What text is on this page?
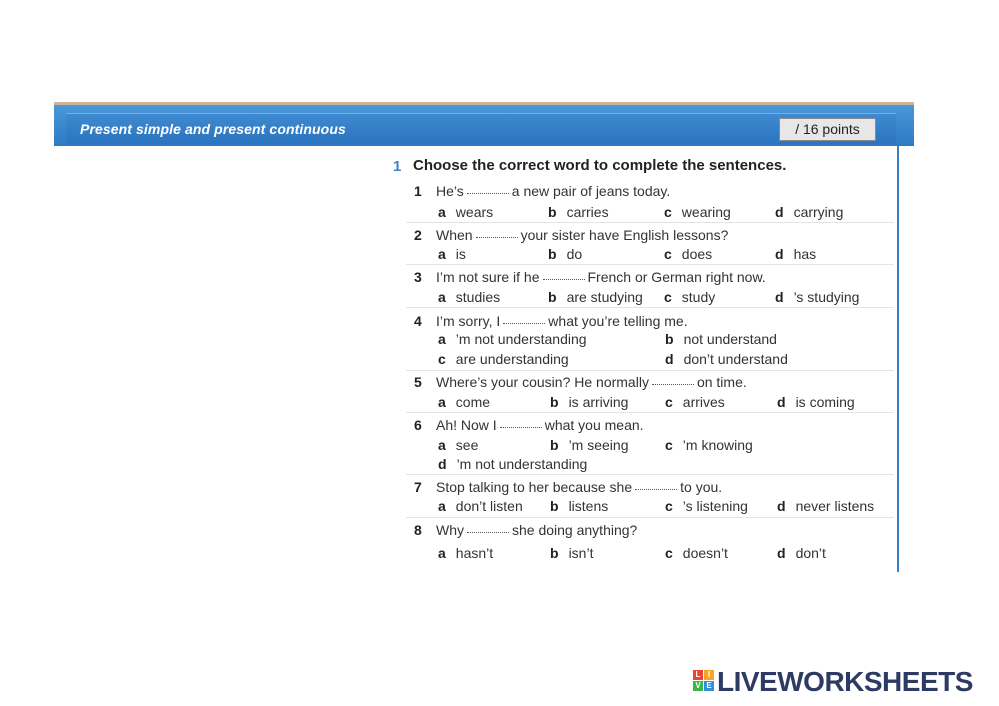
Present simple and present continuous	/ 16 points
1 Choose the correct word to complete the sentences.
1 He’s	a new pair of jeans today.
a wears	b carries	c wearing	d carrying
2 When	your sister have English lessons?
a is	b do	c does	d has
3 I’m not sure if he	French or German right now.
a studies	b are studying c study	d ’s studying
4 I’m sorry, I	what you’re telling me.
a ’m not understanding	b not understand
c are understanding	d don’t understand
5 Where’s your cousin? He normally	on time.
a come	b is arriving	c arrives	d is coming
6 Ah! Now I	what you mean.
a see	b ’m seeing	c ’m knowing
d ’m not understanding
7 Stop talking to her because she	to you.
a don’t listen b listens	c ’s listening d never listens
8 Why	she doing anything?
a hasn’t	b isn’t	c doesn’t	d don’t
L I
V E LIVEWORKSHEETS
